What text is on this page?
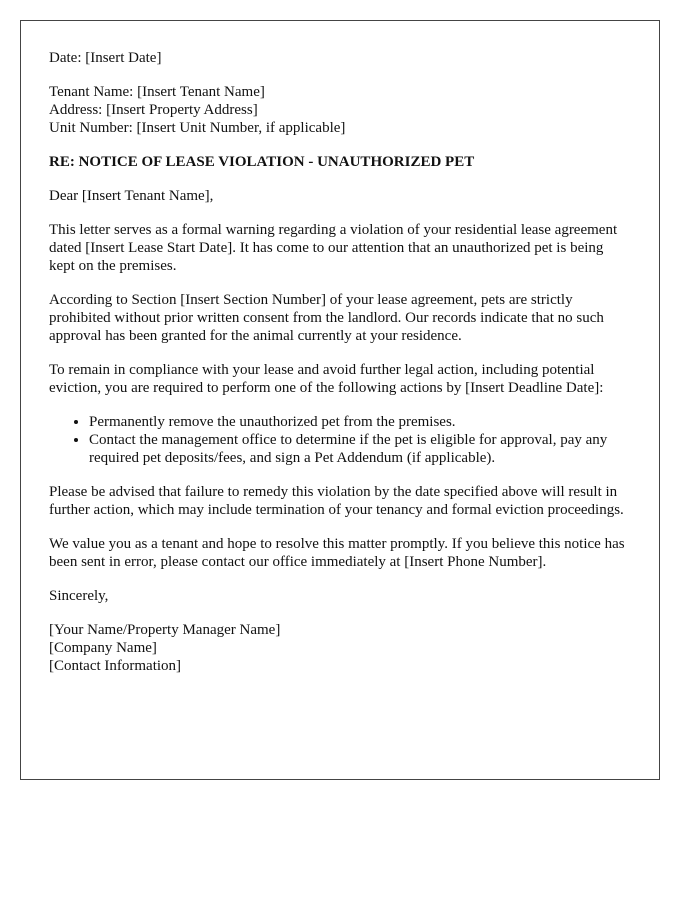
Date: [Insert Date]

Tenant Name: [Insert Tenant Name]

Address: [Insert Property Address]

Unit Number: [Insert Unit Number, if applicable]

RE: NOTICE OF LEASE VIOLATION - UNAUTHORIZED PET

Dear [Insert Tenant Name],

This letter serves as a formal warning regarding a violation of your residential lease agreement dated [Insert Lease Start Date]. It has come to our attention that an unauthorized pet is being kept on the premises.

According to Section [Insert Section Number] of your lease agreement, pets are strictly prohibited without prior written consent from the landlord. Our records indicate that no such approval has been granted for the animal currently at your residence.

To remain in compliance with your lease and avoid further legal action, including potential eviction, you are required to perform one of the following actions by [Insert Deadline Date]:

• Permanently remove the unauthorized pet from the premises.
• Contact the management office to determine if the pet is eligible for approval, pay any required pet deposits/fees, and sign a Pet Addendum (if applicable).

Please be advised that failure to remedy this violation by the date specified above will result in further action, which may include termination of your tenancy and formal eviction proceedings.

We value you as a tenant and hope to resolve this matter promptly. If you believe this notice has been sent in error, please contact our office immediately at [Insert Phone Number].

Sincerely,

[Your Name/Property Manager Name]

[Company Name]

[Contact Information]
